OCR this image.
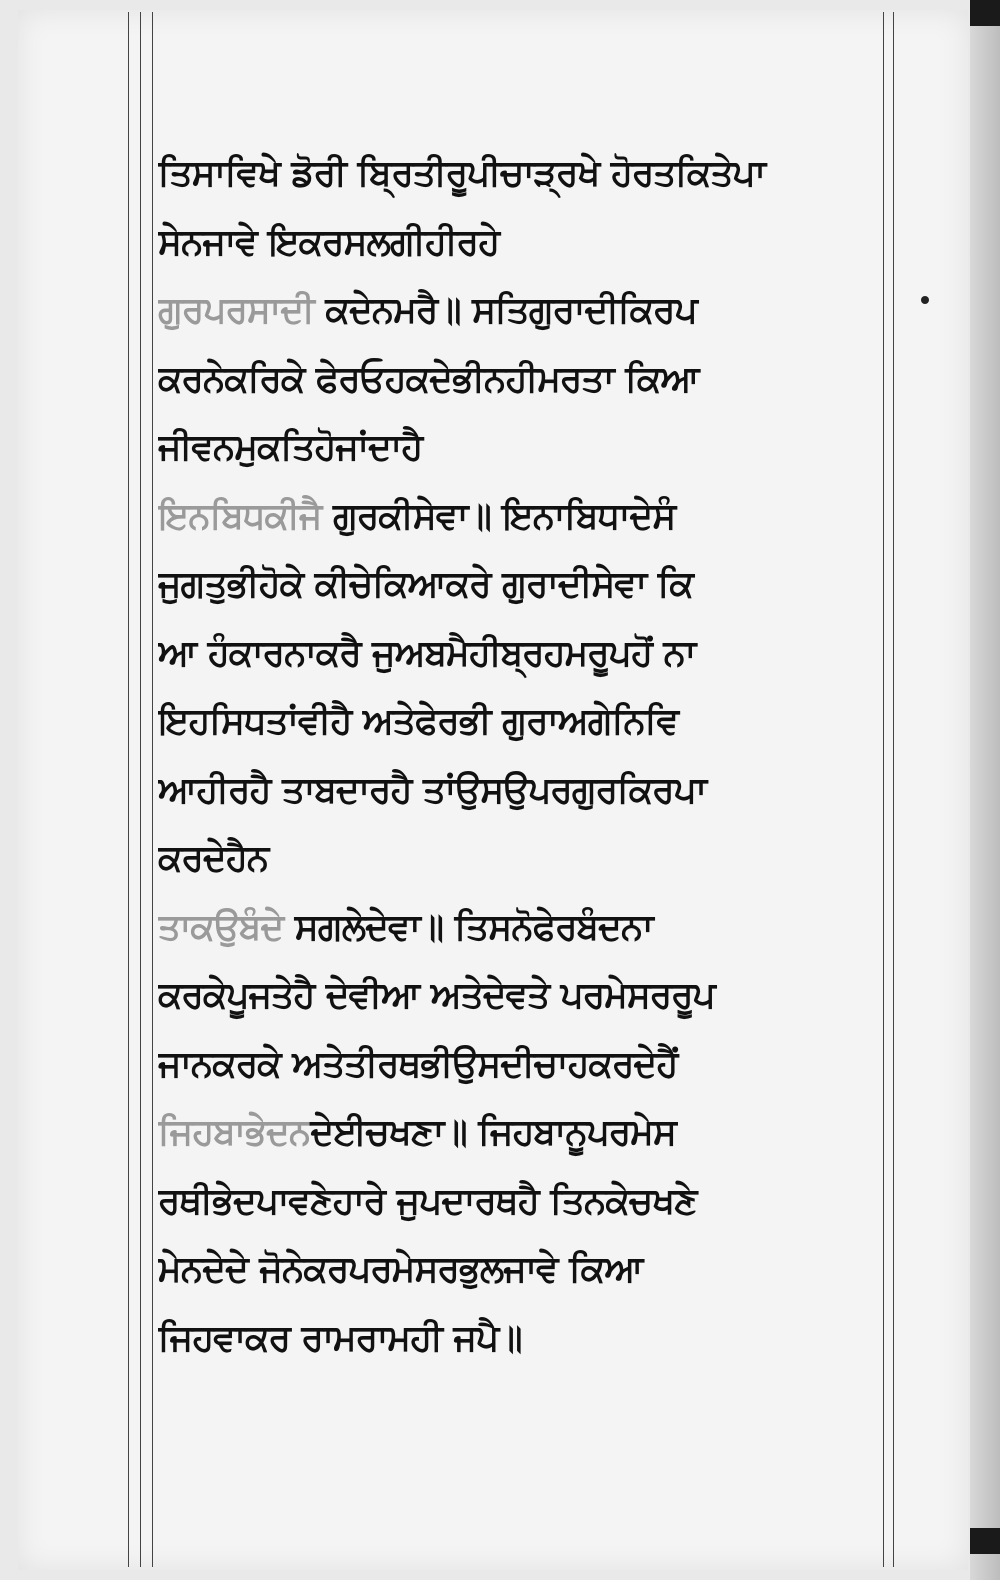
ਤਿਸਾਵਿਖੇ ਡੋਰੀ ਬ੍ਰਿਤੀਰੂਪੀਚਾੜ੍ਰਖੇ ਹੋਰਤਕਿਤੇਪਾ
ਸੇਨਜਾਵੇ ਇਕਰਸਲਗੀਹੀਰਹੇ
ਗੁਰਪਰਸਾਦੀ ਕਦੇਨਮਰੈ॥ ਸਤਿਗੁਰਾਦੀਕਿਰਪ
ਕਰਨੇਕਰਿਕੇ ਫੇਰਓਹਕਦੇਭੀਨਹੀਮਰਤਾ ਕਿਆ
ਜੀਵਨਮੁਕਤਿਹੋਜਾਂਦਾਹੈ
ਇਨਬਿਧਕੀਜੈ ਗੁਰਕੀਸੇਵਾ॥ ਇਨਾਬਿਧਾਦੇਸੰ
ਜੁਗਤੁਭੀਹੋਕੇ ਕੀਚੇਕਿਆਕਰੇ ਗੁਰਾਦੀਸੇਵਾ ਕਿ
ਆ ਹੰਕਾਰਨਾਕਰੈ ਜੁਅਬਮੈਹੀਬ੍ਰਹਮਰੂਪਹੋਂ ਨਾ
ਇਹਸਿਧਤਾਂਵੀਹੈ ਅਤੇਫੇਰਭੀ ਗੁਰਾਅਗੇਨਿਵਿ
ਆਹੀਰਹੈ ਤਾਬਦਾਰਹੈ ਤਾਂਉਸਉਪਰਗੁਰਕਿਰਪਾ
ਕਰਦੇਹੈਨ
ਤਾਕਉਬੰਦੇ ਸਗਲੇਦੇਵਾ॥ ਤਿਸਨੋਫੇਰਬੰਦਨਾ
ਕਰਕੇਪੂਜਤੇਹੈ ਦੇਵੀਆ ਅਤੇਦੇਵਤੇ ਪਰਮੇਸਰਰੂਪ
ਜਾਨਕਰਕੇ ਅਤੇਤੀਰਥਭੀਉਸਦੀਚਾਹਕਰਦੇਹੈਂ
ਜਿਹਬਾਭੇਦਨਦੇਈਚਖਣਾ॥ ਜਿਹਬਾਨੂਪਰਮੇਸ
ਰਥੀਭੇਦਪਾਵਣੇਹਾਰੇ ਜੁਪਦਾਰਥਹੈ ਤਿਨਕੇਚਖਣੇ
ਮੇਨਦੇਦੇ ਜੋਨੇਕਰਪਰਮੇਸਰਭੁਲਜਾਵੇ ਕਿਆ
ਜਿਹਵਾਕਰ ਰਾਮਰਾਮਹੀ ਜਪੈ॥
